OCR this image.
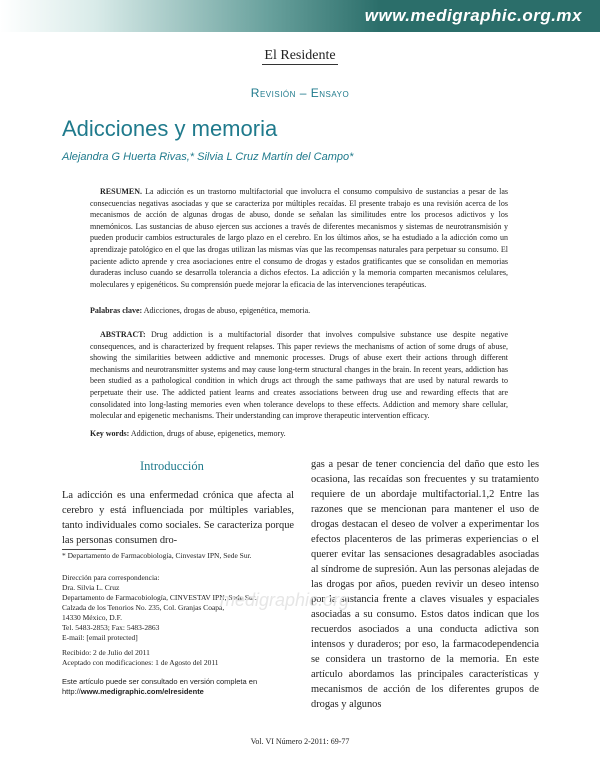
www.medigraphic.org.mx
El Residente
Revisión – Ensayo
Adicciones y memoria
Alejandra G Huerta Rivas,* Silvia L Cruz Martín del Campo*
RESUMEN. La adicción es un trastorno multifactorial que involucra el consumo compulsivo de sustancias a pesar de las consecuencias negativas asociadas y que se caracteriza por múltiples recaídas. El presente trabajo es una revisión acerca de los mecanismos de acción de algunas drogas de abuso, donde se señalan las similitudes entre los procesos adictivos y los mnemónicos. Las sustancias de abuso ejercen sus acciones a través de diferentes mecanismos y sistemas de neurotransmisión y pueden producir cambios estructurales de largo plazo en el cerebro. En los últimos años, se ha estudiado a la adicción como un aprendizaje patológico en el que las drogas utilizan las mismas vías que las recompensas naturales para perpetuar su consumo. El paciente adicto aprende y crea asociaciones entre el consumo de drogas y estados gratificantes que se consolidan en memorias duraderas incluso cuando se desarrolla tolerancia a dichos efectos. La adicción y la memoria comparten mecanismos celulares, moleculares y epigenéticos. Su comprensión puede mejorar la eficacia de las intervenciones terapéuticas.
Palabras clave: Adicciones, drogas de abuso, epigenética, memoria.
ABSTRACT: Drug addiction is a multifactorial disorder that involves compulsive substance use despite negative consequences, and is characterized by frequent relapses. This paper reviews the mechanisms of action of some drugs of abuse, showing the similarities between addictive and mnemonic processes. Drugs of abuse exert their actions through different mechanisms and neurotransmitter systems and may cause long-term structural changes in the brain. In recent years, addiction has been studied as a pathological condition in which drugs act through the same pathways that are used by natural rewards to perpetuate their use. The addicted patient learns and creates associations between drug use and rewarding effects that are consolidated into long-lasting memories even when tolerance develops to these effects. Addiction and memory share cellular, molecular and epigenetic mechanisms. Their understanding can improve therapeutic intervention efficacy.
Key words: Addiction, drugs of abuse, epigenetics, memory.
Introducción
La adicción es una enfermedad crónica que afecta al cerebro y está influenciada por múltiples variables, tanto individuales como sociales. Se caracteriza porque las personas consumen dro-
gas a pesar de tener conciencia del daño que esto les ocasiona, las recaídas son frecuentes y su tratamiento requiere de un abordaje multifactorial.1,2 Entre las razones que se mencionan para mantener el uso de drogas destacan el deseo de volver a experimentar los efectos placenteros de las primeras experiencias o el querer evitar las sensaciones desagradables asociadas al síndrome de supresión. Aun las personas alejadas de las drogas por años, pueden revivir un deseo intenso por la sustancia frente a claves visuales y espaciales asociadas a su consumo. Estos datos indican que los recuerdos asociados a una conducta adictiva son intensos y duraderos; por eso, la farmacodependencia se considera un trastorno de la memoria. En este artículo abordamos las principales características y mecanismos de acción de los diferentes grupos de drogas y algunos
* Departamento de Farmacobiología, Cinvestav IPN, Sede Sur.
Dirección para correspondencia:
Dra. Silvia L. Cruz
Departamento de Farmacobiología, CINVESTAV IPN, Sede Sur.
Calzada de los Tenorios No. 235, Col. Granjas Coapa,
14330 México, D.F.
Tel. 5483-2853; Fax: 5483-2863
E-mail: [email protected]
Recibido: 2 de Julio del 2011
Aceptado con modificaciones: 1 de Agosto del 2011
Este artículo puede ser consultado en versión completa en
http://www.medigraphic.com/elresidente
medigraphic.org
Vol. VI Número 2-2011: 69-77
